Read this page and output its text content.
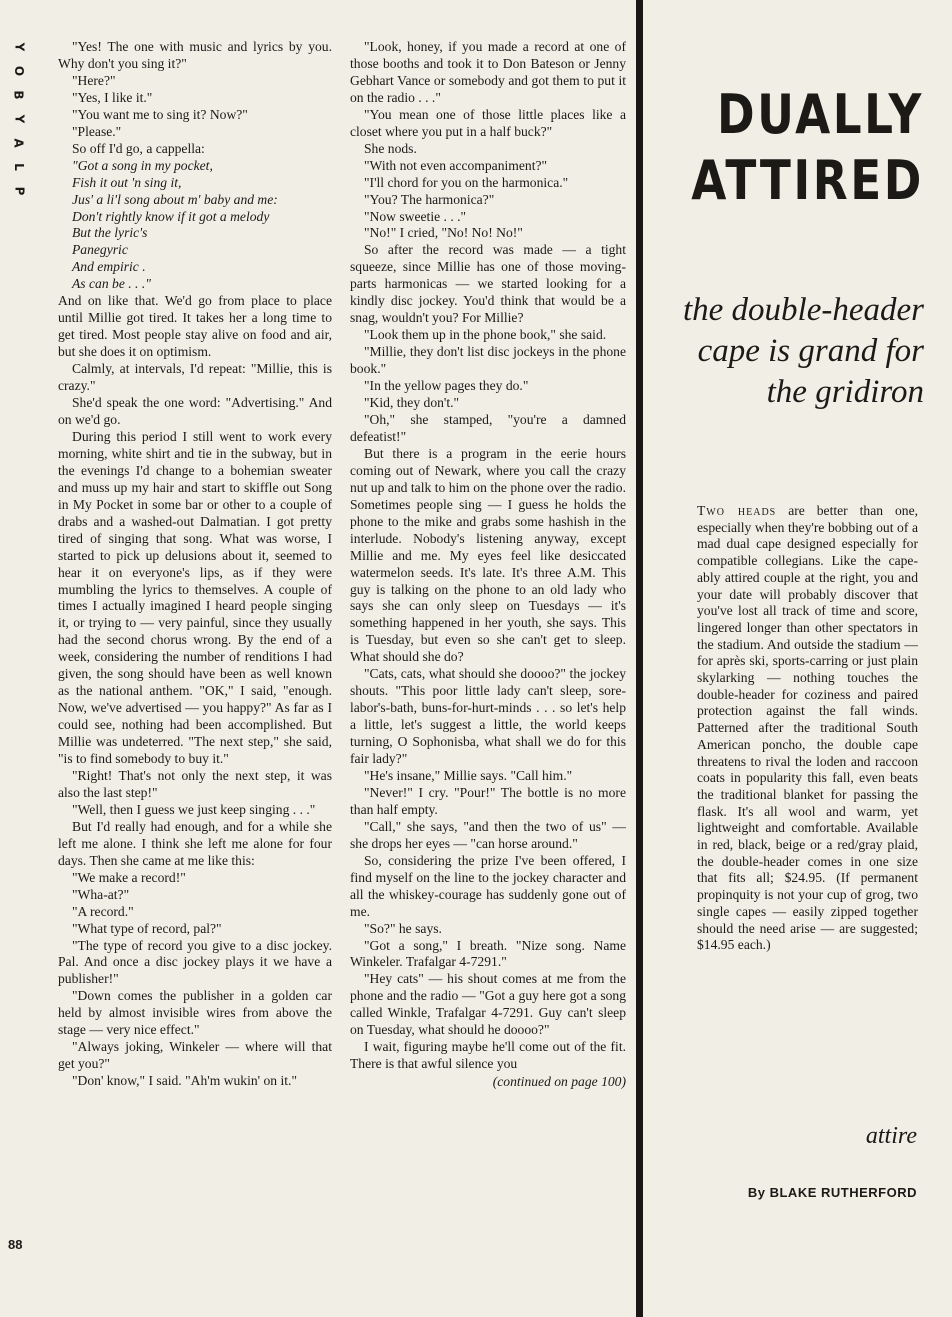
Y
O
B
Y
A
L
P

"Yes! The one with music and lyrics by you. Why don't you sing it?"

"Here?"

"Yes, I like it."

"You want me to sing it? Now?"

"Please."

So off I'd go, a cappella:

"Got a song in my pocket,

Fish it out 'n sing it,

Jus' a li'l song about m' baby and me:

Don't rightly know if it got a melody

But the lyric's

Panegyric

And empiric .

As can be . . ."

And on like that. We'd go from place to place until Millie got tired. It takes her a long time to get tired. Most people stay alive on food and air, but she does it on optimism.

Calmly, at intervals, I'd repeat: "Millie, this is crazy."

She'd speak the one word: "Advertising." And on we'd go.

During this period I still went to work every morning, white shirt and tie in the subway, but in the evenings I'd change to a bohemian sweater and muss up my hair and start to skiffle out Song in My Pocket in some bar or other to a couple of drabs and a washed-out Dalmatian. I got pretty tired of singing that song. What was worse, I started to pick up delusions about it, seemed to hear it on everyone's lips, as if they were mumbling the lyrics to themselves. A couple of times I actually imagined I heard people singing it, or trying to — very painful, since they usually had the second chorus wrong. By the end of a week, considering the number of renditions I had given, the song should have been as well known as the national anthem. "OK," I said, "enough. Now, we've advertised — you happy?" As far as I could see, nothing had been accomplished. But Millie was undeterred. "The next step," she said, "is to find somebody to buy it."

"Right! That's not only the next step, it was also the last step!"

"Well, then I guess we just keep singing . . ."

But I'd really had enough, and for a while she left me alone. I think she left me alone for four days. Then she came at me like this:

"We make a record!"

"Wha-at?"

"A record."

"What type of record, pal?"

"The type of record you give to a disc jockey. Pal. And once a disc jockey plays it we have a publisher!"

"Down comes the publisher in a golden car held by almost invisible wires from above the stage — very nice effect."

"Always joking, Winkeler — where will that get you?"

"Don' know," I said. "Ah'm wukin' on it."

"Look, honey, if you made a record at one of those booths and took it to Don Bateson or Jenny Gebhart Vance or somebody and got them to put it on the radio . . ."

"You mean one of those little places like a closet where you put in a half buck?"

She nods.

"With not even accompaniment?"

"I'll chord for you on the harmonica."

"You? The harmonica?"

"Now sweetie . . ."

"No!" I cried, "No! No! No!"

So after the record was made — a tight squeeze, since Millie has one of those moving-parts harmonicas — we started looking for a kindly disc jockey. You'd think that would be a snag, wouldn't you? For Millie?

"Look them up in the phone book," she said.

"Millie, they don't list disc jockeys in the phone book."

"In the yellow pages they do."

"Kid, they don't."

"Oh," she stamped, "you're a damned defeatist!"

But there is a program in the eerie hours coming out of Newark, where you call the crazy nut up and talk to him on the phone over the radio. Sometimes people sing — I guess he holds the phone to the mike and grabs some hashish in the interlude. Nobody's listening anyway, except Millie and me. My eyes feel like desiccated watermelon seeds. It's late. It's three A.M. This guy is talking on the phone to an old lady who says she can only sleep on Tuesdays — it's something happened in her youth, she says. This is Tuesday, but even so she can't get to sleep. What should she do?

"Cats, cats, what should she doooo?" the jockey shouts. "This poor little lady can't sleep, sore-labor's-bath, buns-for-hurt-minds . . . so let's help a little, let's suggest a little, the world keeps turning, O Sophonisba, what shall we do for this fair lady?"

"He's insane," Millie says. "Call him."

"Never!" I cry. "Pour!" The bottle is no more than half empty.

"Call," she says, "and then the two of us" — she drops her eyes — "can horse around."

So, considering the prize I've been offered, I find myself on the line to the jockey character and all the whiskey-courage has suddenly gone out of me.

"So?" he says.

"Got a song," I breath. "Nize song. Name Winkeler. Trafalgar 4-7291."

"Hey cats" — his shout comes at me from the phone and the radio — "Got a guy here got a song called Winkle, Trafalgar 4-7291. Guy can't sleep on Tuesday, what should he doooo?"

I wait, figuring maybe he'll come out of the fit. There is that awful silence you

(continued on page 100)

DUALLY
ATTIRED
the double-header cape is grand for the gridiron
Two heads are better than one, especially when they're bobbing out of a mad dual cape designed especially for compatible collegians. Like the cape-ably attired couple at the right, you and your date will probably discover that you've lost all track of time and score, lingered longer than other spectators in the stadium. And outside the stadium — for après ski, sports-carring or just plain skylarking — nothing touches the double-header for coziness and paired protection against the fall winds. Patterned after the traditional South American poncho, the double cape threatens to rival the loden and raccoon coats in popularity this fall, even beats the traditional blanket for passing the flask. It's all wool and warm, yet lightweight and comfortable. Available in red, black, beige or a red/gray plaid, the double-header comes in one size that fits all; $24.95. (If permanent propinquity is not your cup of grog, two single capes — easily zipped together should the need arise — are suggested; $14.95 each.)
attire
By BLAKE RUTHERFORD
88
